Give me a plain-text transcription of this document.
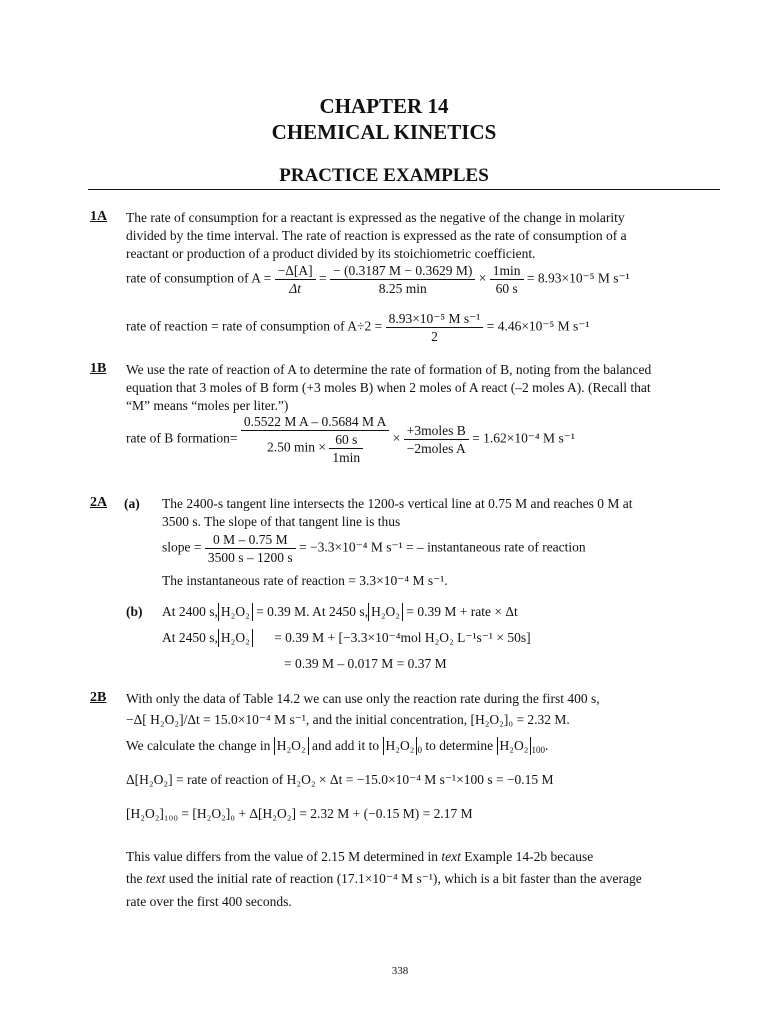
CHAPTER 14
CHEMICAL KINETICS
PRACTICE EXAMPLES
1A The rate of consumption for a reactant is expressed as the negative of the change in molarity
divided by the time interval. The rate of reaction is expressed as the rate of consumption of a
reactant or production of a product divided by its stoichiometric coefficient.
rate of consumption of $A = \frac{-\Delta[A]}{\Delta t} = \frac{- (0.3187 M - 0.3629 M)}{8.25 \min} \times \frac{1\min}{60 s} = 8.93\times 10^{-5}$ M s⁻¹
rate of reaction = rate of consumption of $A\div 2 = \frac{\text{8.93×10⁻⁵ M s⁻¹}}{2} = 4.46\times 10^{-5}$ M s⁻¹
1B We use the rate of reaction of A to determine the rate of formation of B, noting from the balanced
equation that 3 moles of B form (+3 moles B) when 2 moles of A react (–2 moles A). (Recall that
“M” means “moles per liter.”)
rate of B formation= $\frac{\text{0.5522 M A – 0.5684 M A}}{2.50 \min \times \frac{60 s}{1\min}} \times \frac{\text{+3moles B}}{\text{−2moles A}} = 1.62\times 10^{-4}$ M s⁻¹
2A (a) The 2400-s tangent line intersects the 1200-s vertical line at 0.75 M and reaches 0 M at
3500 s. The slope of that tangent line is thus
slope = $\frac{0 M - 0.75 M}{3500 s - 1200 s} = -3.3\times 10^{-4}$ M s⁻¹ = – instantaneous rate of reaction
The instantaneous rate of reaction = 3.3×10⁻⁴ M s⁻¹.
(b) At 2400 s, H₂O₂ = 0.39 M. At 2450 s, H₂O₂ = 0.39 M + rate × Δt
At 2450 s, H₂O₂ = 0.39 M + [−3.3×10⁻⁴mol H₂O₂ L⁻¹s⁻¹ × 50s]
= 0.39 M – 0.017 M = 0.37 M
2B With only the data of Table 14.2 we can use only the reaction rate during the first 400 s,
−Δ[ H₂O₂]/Δt = 15.0×10⁻⁴ M s⁻¹, and the initial concentration, [H₂O₂]₀ = 2.32 M.
We calculate the change in H₂O₂ and add it to H₂O₂ $_0$ to determine H₂O₂ $_{100}$.
Δ[H₂O₂] = rate of reaction of H₂O₂ × Δt = −15.0×10⁻⁴ M s⁻¹×100 s = −0.15 M
[H₂O₂]₁₀₀ = [H₂O₂]₀ + Δ[H₂O₂] = 2.32 M + (−0.15 M) = 2.17 M
This value differs from the value of 2.15 M determined in text Example 14-2b because
the text used the initial rate of reaction (17.1×10⁻⁴ M s⁻¹), which is a bit faster than the average
rate over the first 400 seconds.
338
